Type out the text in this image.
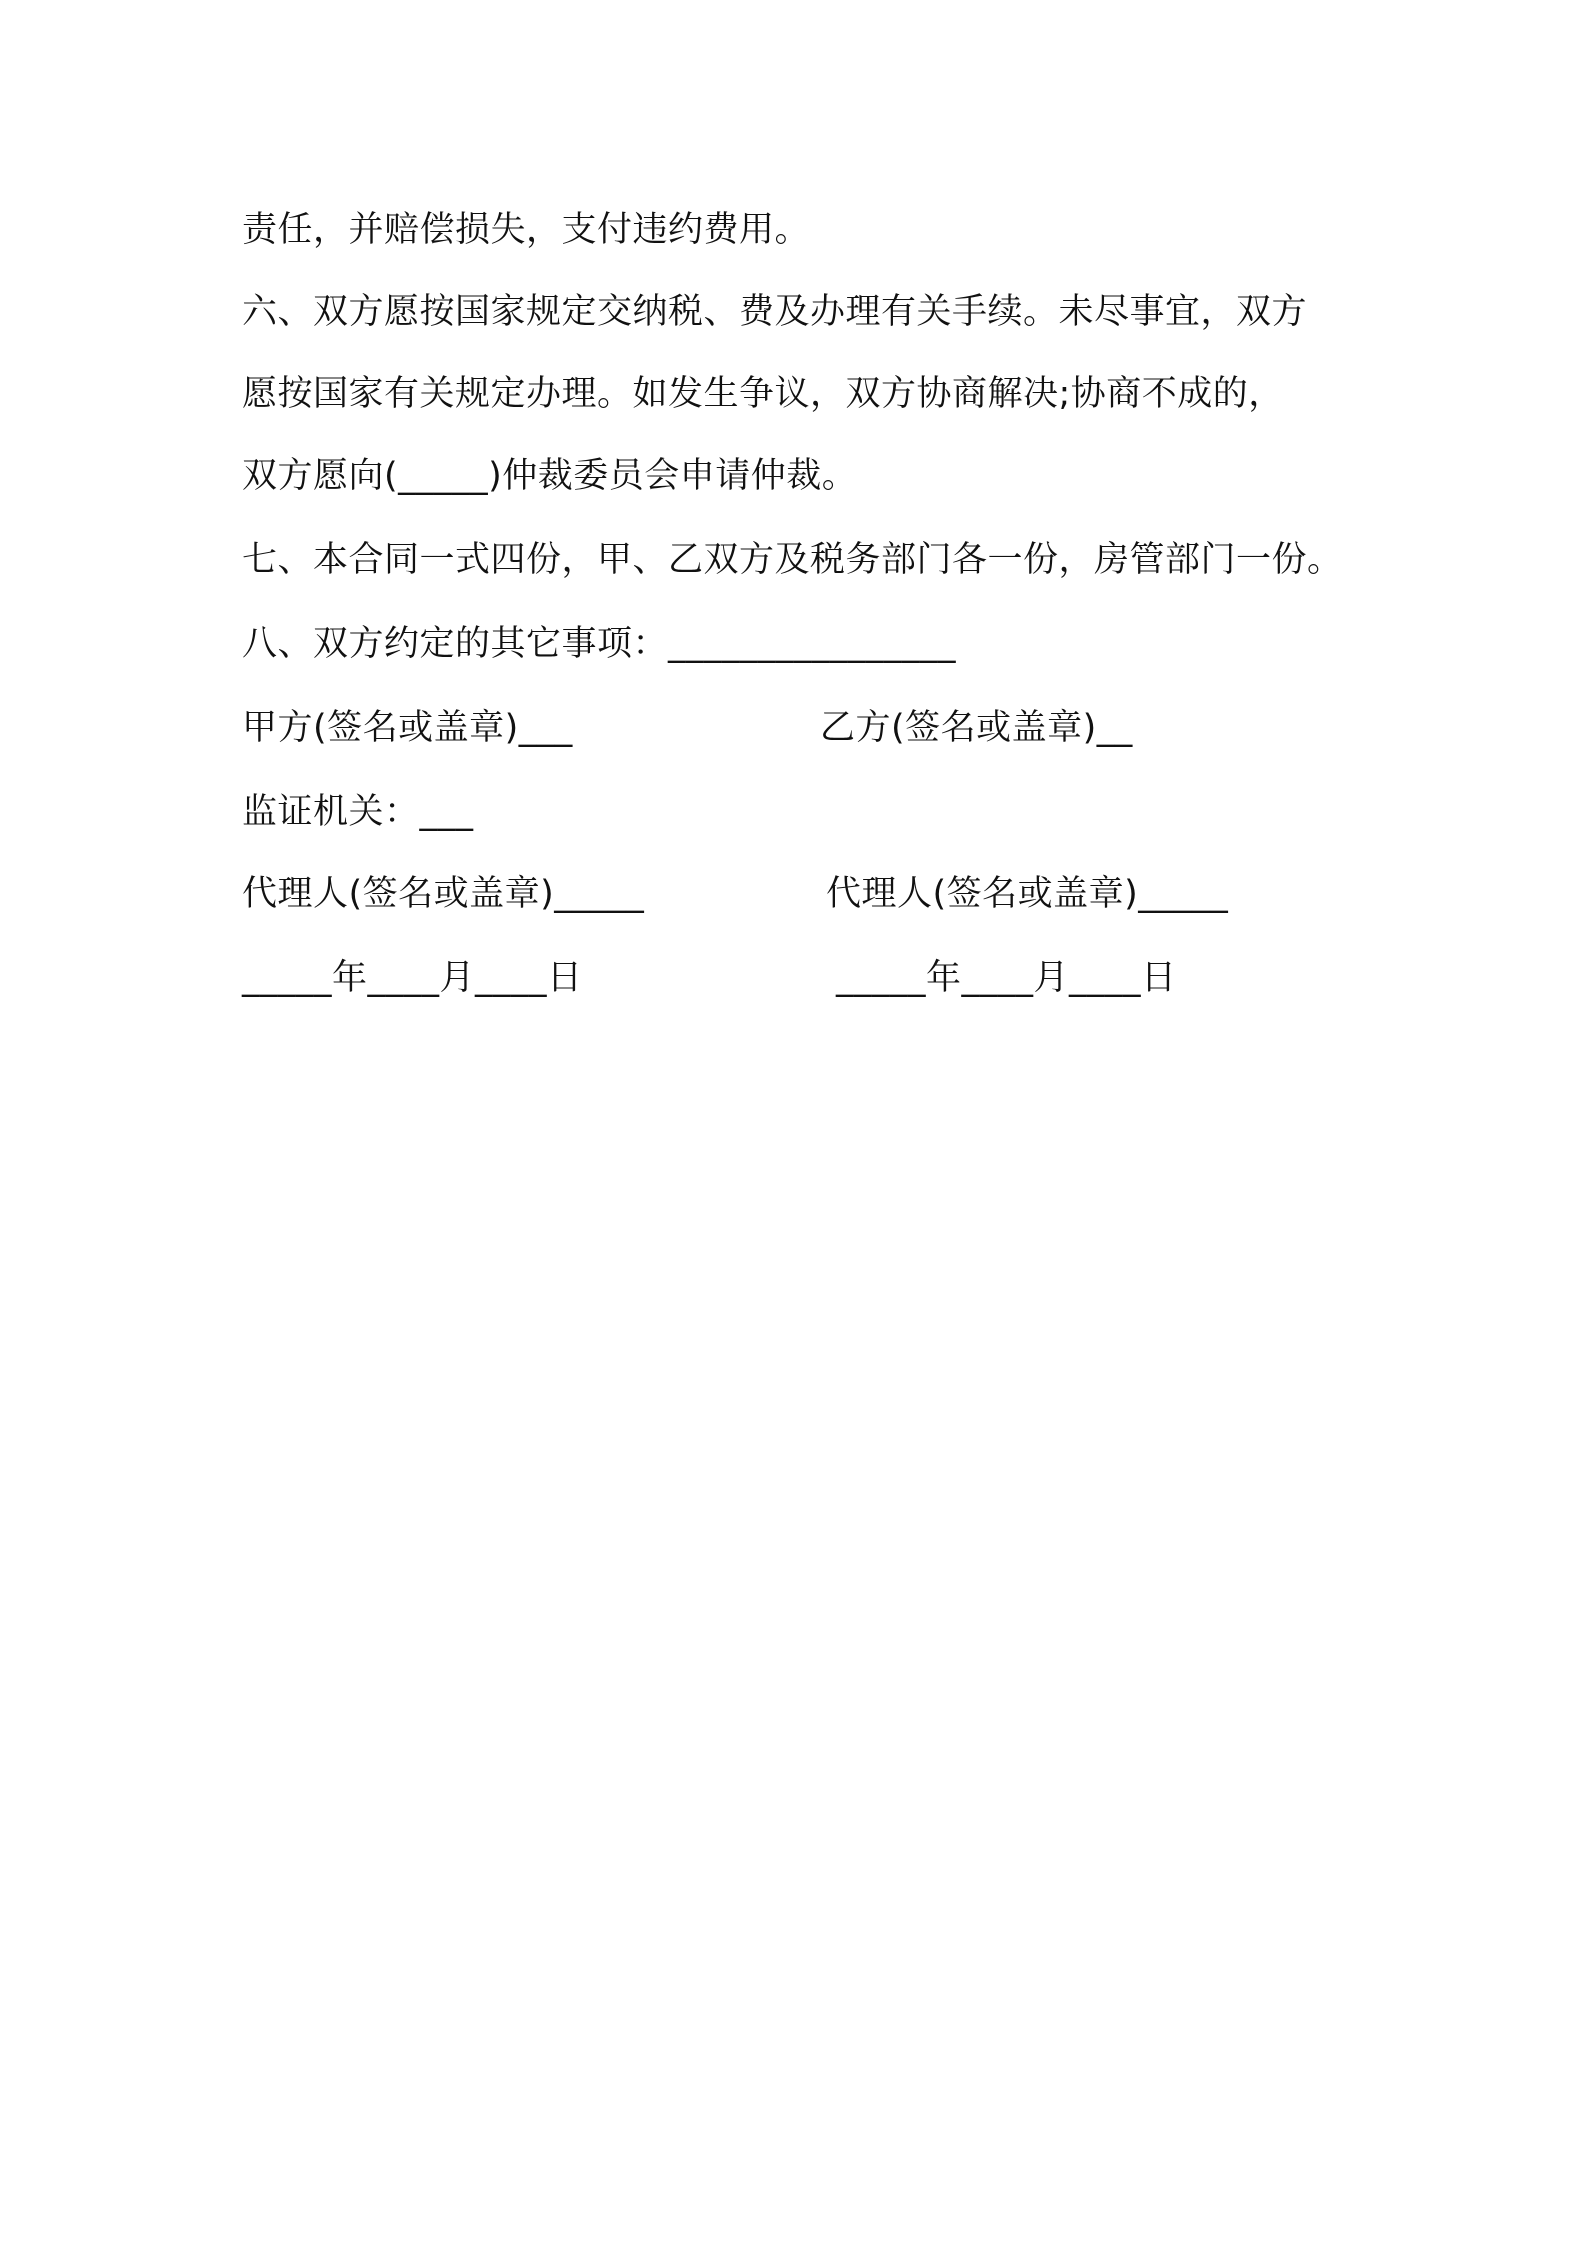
责任，并赔偿损失，支付违约费用。
六、双方愿按国家规定交纳税、费及办理有关手续。未尽事宜，双方
愿按国家有关规定办理。如发生争议，双方协商解决;协商不成的，
双方愿向(_____)仲裁委员会申请仲裁。
七、本合同一式四份，甲、乙双方及税务部门各一份，房管部门一份。
八、双方约定的其它事项：________________
甲方(签名或盖章)___	乙方(签名或盖章)__
监证机关：___
代理人(签名或盖章)_____	代理人(签名或盖章)_____
_____年____月____日	_____年____月____日
